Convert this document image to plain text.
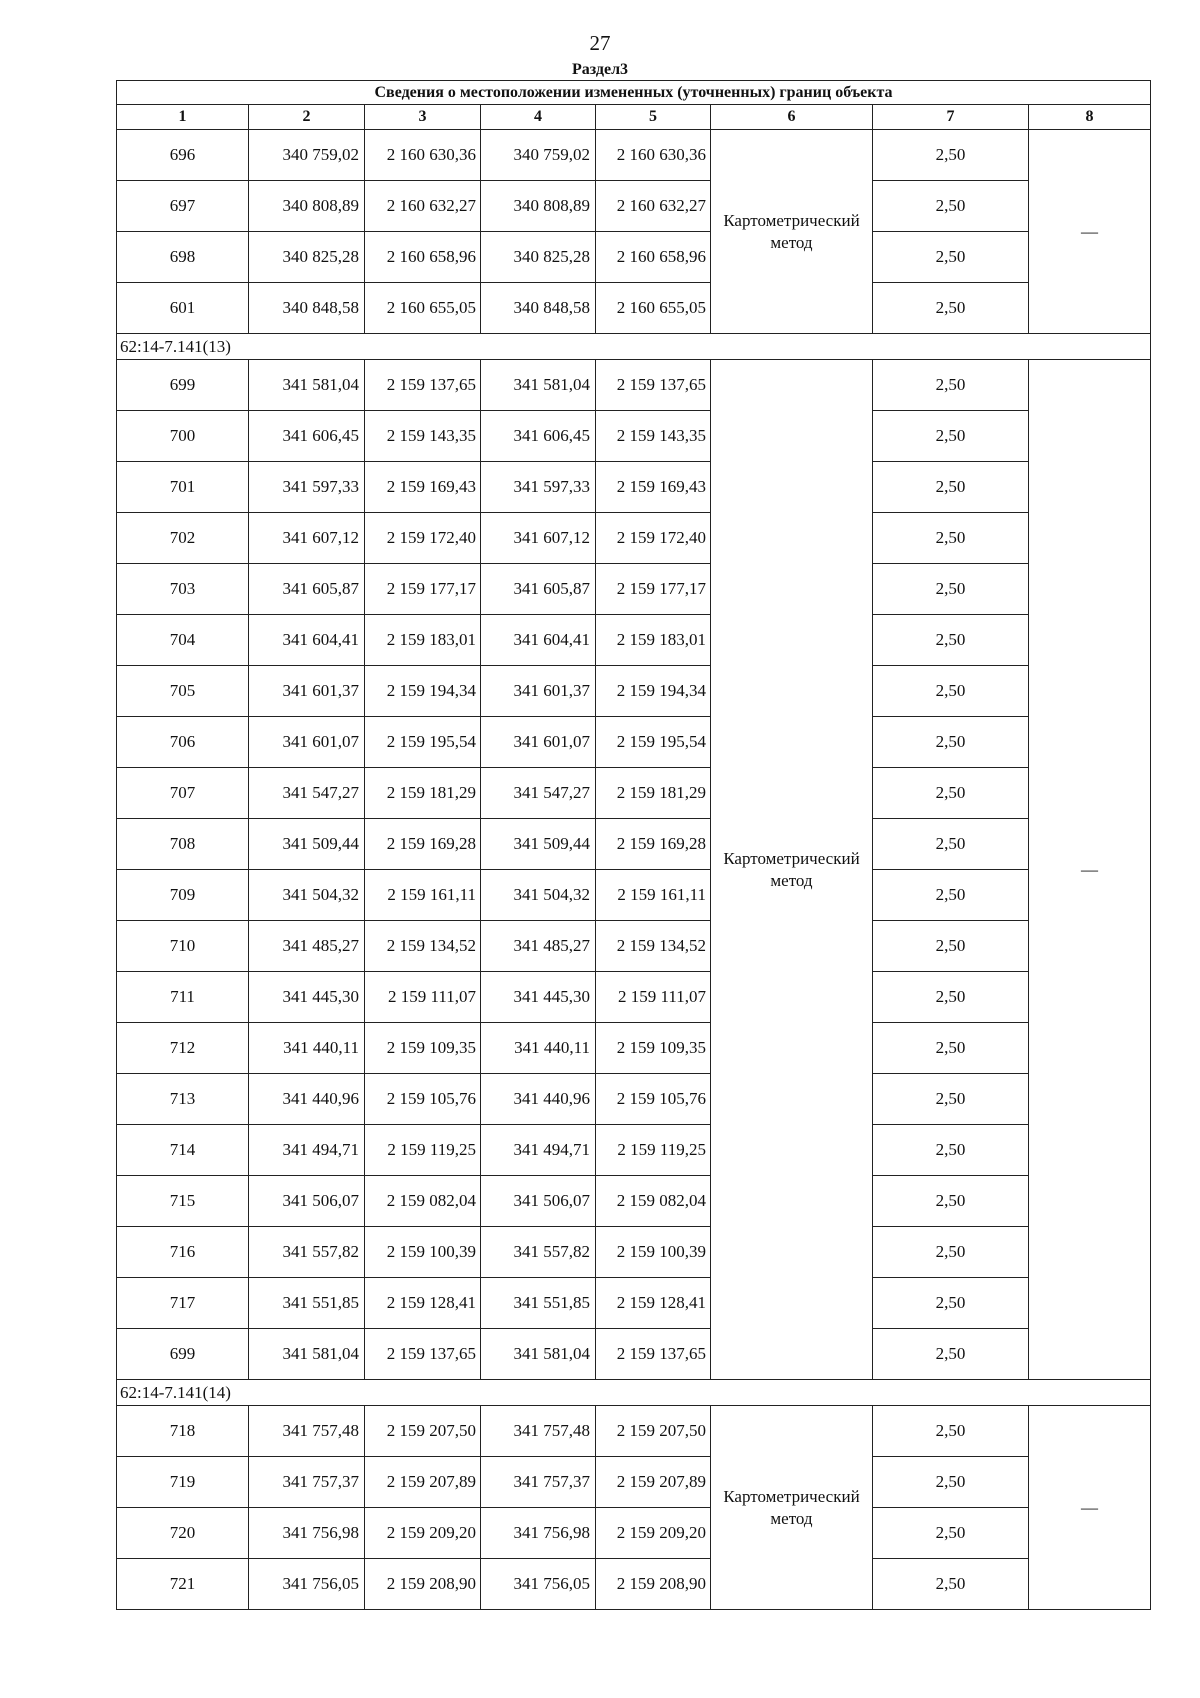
27
Раздел3
Сведения о местоположении измененных (уточненных) границ объекта							
1	2	3	4	5	6	7	8
696	340 759,02	2 160 630,36	340 759,02	2 160 630,36	Картометрический метод	2,50	—
697	340 808,89	2 160 632,27	340 808,89	2 160 632,27		2,50	
698	340 825,28	2 160 658,96	340 825,28	2 160 658,96		2,50	
601	340 848,58	2 160 655,05	340 848,58	2 160 655,05		2,50	
62:14-7.141(13)							
699	341 581,04	2 159 137,65	341 581,04	2 159 137,65	Картометрический метод	2,50	—
700	341 606,45	2 159 143,35	341 606,45	2 159 143,35		2,50	
701	341 597,33	2 159 169,43	341 597,33	2 159 169,43		2,50	
702	341 607,12	2 159 172,40	341 607,12	2 159 172,40		2,50	
703	341 605,87	2 159 177,17	341 605,87	2 159 177,17		2,50	
704	341 604,41	2 159 183,01	341 604,41	2 159 183,01		2,50	
705	341 601,37	2 159 194,34	341 601,37	2 159 194,34		2,50	
706	341 601,07	2 159 195,54	341 601,07	2 159 195,54		2,50	
707	341 547,27	2 159 181,29	341 547,27	2 159 181,29		2,50	
708	341 509,44	2 159 169,28	341 509,44	2 159 169,28		2,50	
709	341 504,32	2 159 161,11	341 504,32	2 159 161,11		2,50	
710	341 485,27	2 159 134,52	341 485,27	2 159 134,52		2,50	
711	341 445,30	2 159 111,07	341 445,30	2 159 111,07		2,50	
712	341 440,11	2 159 109,35	341 440,11	2 159 109,35		2,50	
713	341 440,96	2 159 105,76	341 440,96	2 159 105,76		2,50	
714	341 494,71	2 159 119,25	341 494,71	2 159 119,25		2,50	
715	341 506,07	2 159 082,04	341 506,07	2 159 082,04		2,50	
716	341 557,82	2 159 100,39	341 557,82	2 159 100,39		2,50	
717	341 551,85	2 159 128,41	341 551,85	2 159 128,41		2,50	
699	341 581,04	2 159 137,65	341 581,04	2 159 137,65		2,50	
62:14-7.141(14)							
718	341 757,48	2 159 207,50	341 757,48	2 159 207,50	Картометрический метод	2,50	—
719	341 757,37	2 159 207,89	341 757,37	2 159 207,89		2,50	
720	341 756,98	2 159 209,20	341 756,98	2 159 209,20		2,50	
721	341 756,05	2 159 208,90	341 756,05	2 159 208,90		2,50	
